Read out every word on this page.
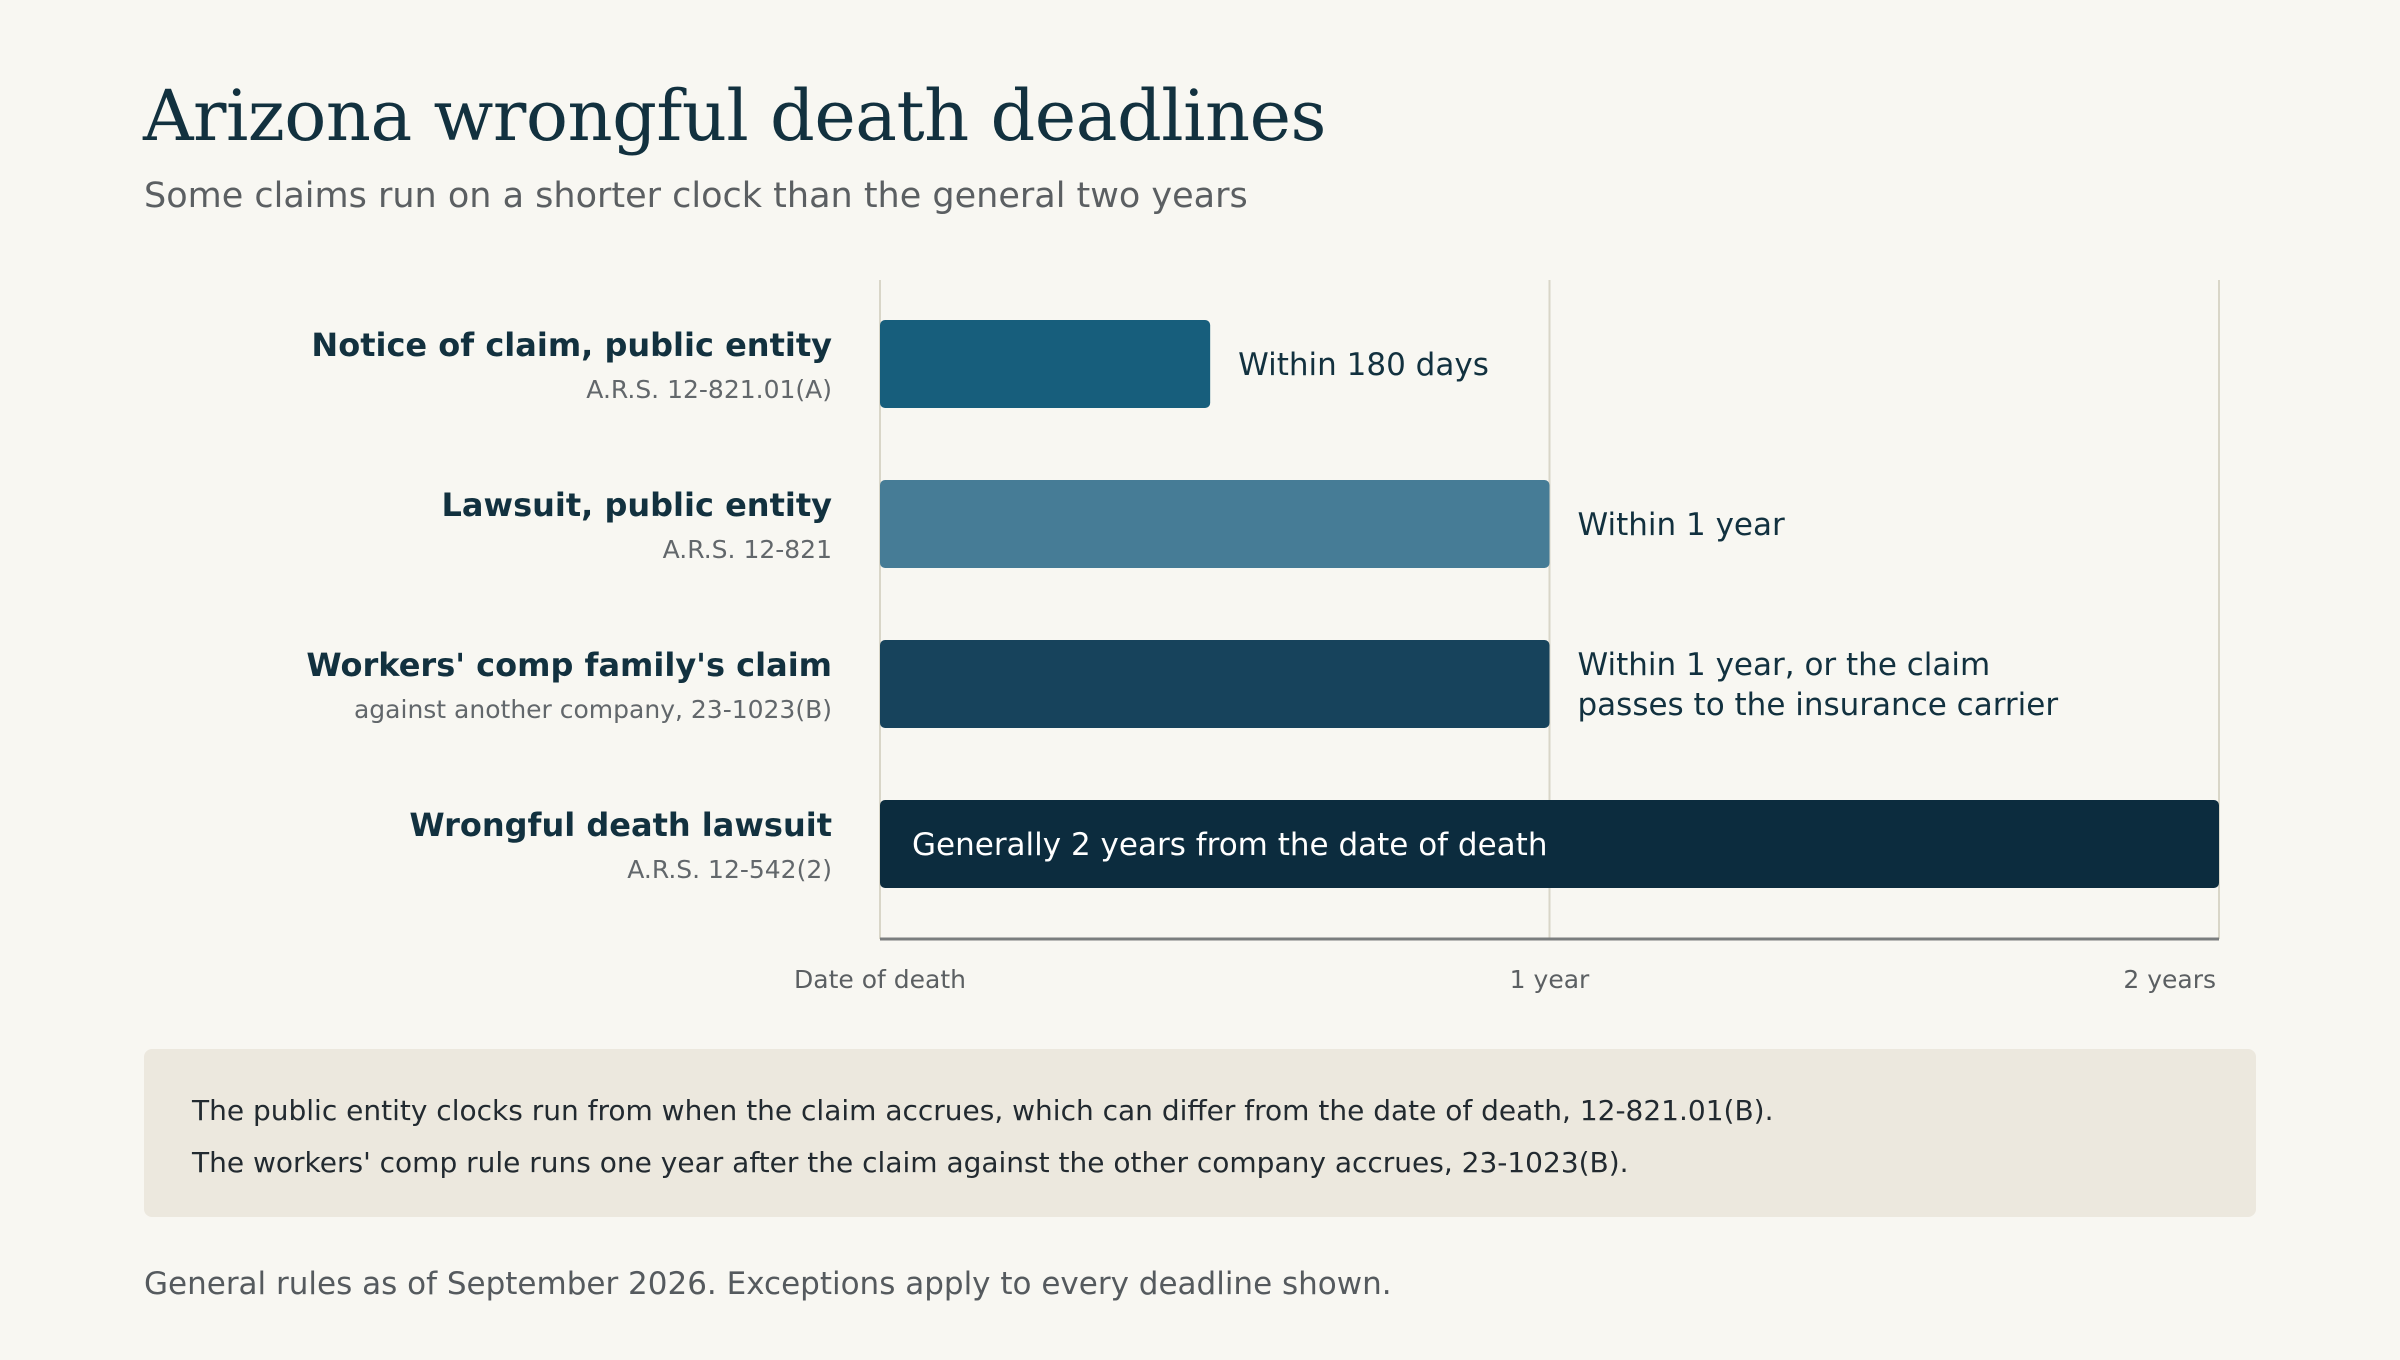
Arizona wrongful death deadlines
Some claims run on a shorter clock than the general two years
Notice of claim, public entity
A.R.S. 12-821.01(A)
Within 180 days
Lawsuit, public entity
A.R.S. 12-821
Within 1 year
Workers' comp family's claim
against another company, 23-1023(B)
Within 1 year, or the claim
passes to the insurance carrier
Wrongful death lawsuit
A.R.S. 12-542(2)
Generally 2 years from the date of death
Date of death	1 year	2 years

The public entity clocks run from when the claim accrues, which can differ from the date of death, 12-821.01(B).

The workers' comp rule runs one year after the claim against the other company accrues, 23-1023(B).

General rules as of September 2026. Exceptions apply to every deadline shown.
